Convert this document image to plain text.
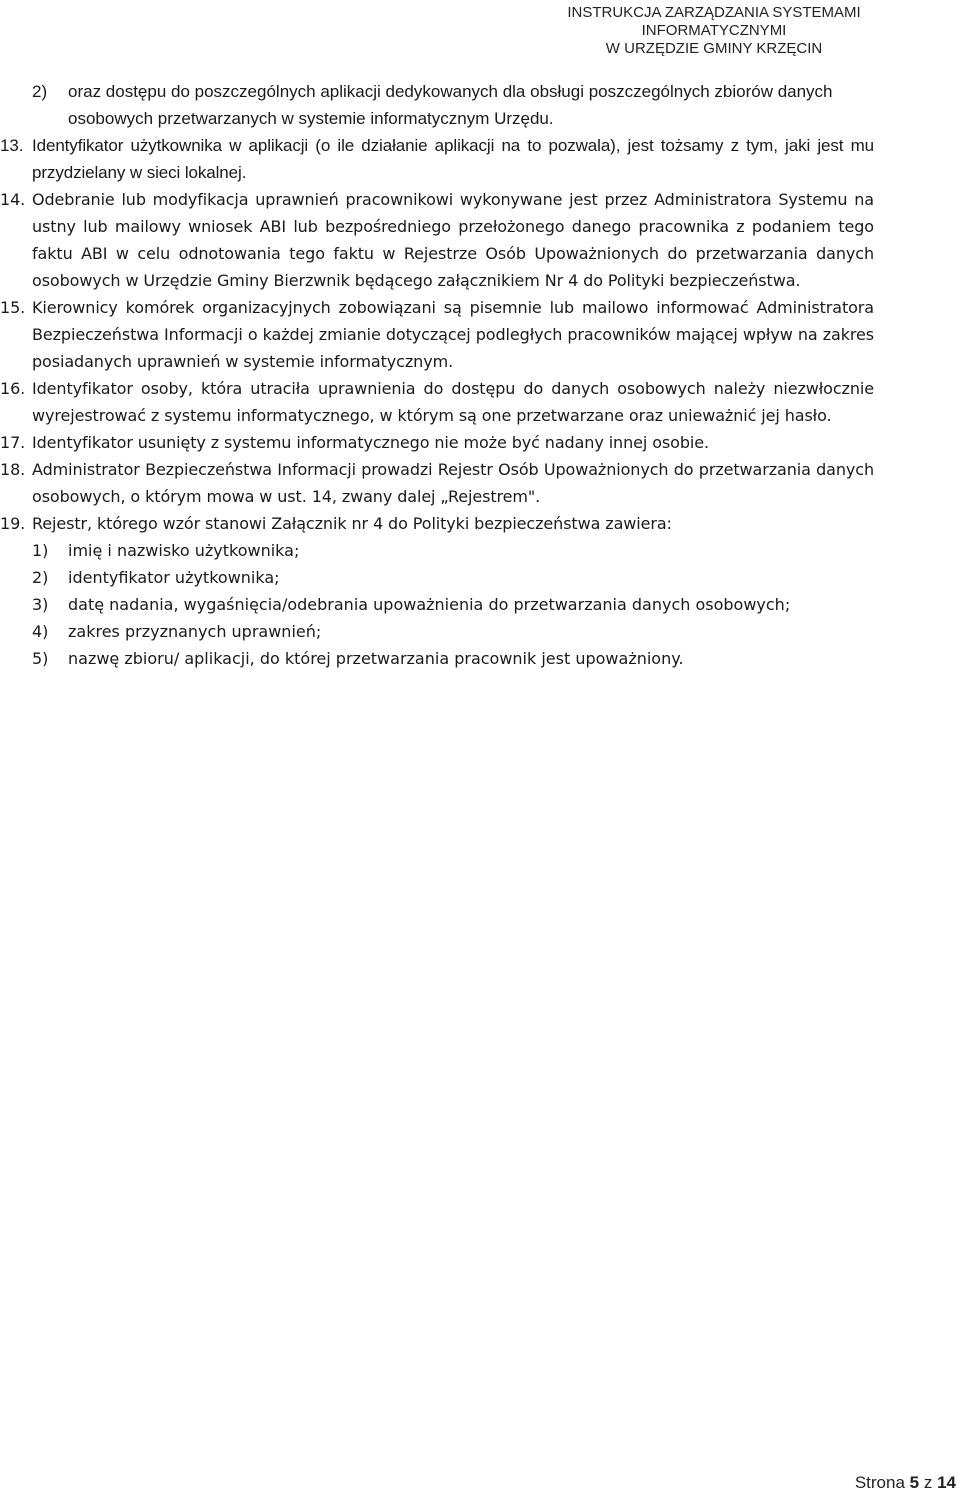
INSTRUKCJA ZARZĄDZANIA SYSTEMAMI
INFORMATYCZNYMI
W URZĘDZIE GMINY KRZĘCIN
2) oraz dostępu do poszczególnych aplikacji dedykowanych dla obsługi poszczególnych zbiorów danych osobowych przetwarzanych w systemie informatycznym Urzędu.
13. Identyfikator użytkownika w aplikacji (o ile działanie aplikacji na to pozwala), jest tożsamy z tym, jaki jest mu przydzielany w sieci lokalnej.
14. Odebranie lub modyfikacja uprawnień pracownikowi wykonywane jest przez Administratora Systemu na ustny lub mailowy wniosek ABI lub bezpośredniego przełożonego danego pracownika z podaniem tego faktu ABI w celu odnotowania tego faktu w Rejestrze Osób Upoważnionych do przetwarzania danych osobowych w Urzędzie Gminy Bierzwnik będącego załącznikiem Nr 4 do Polityki bezpieczeństwa.
15. Kierownicy komórek organizacyjnych zobowiązani są pisemnie lub mailowo informować Administratora Bezpieczeństwa Informacji o każdej zmianie dotyczącej podległych pracowników mającej wpływ na zakres posiadanych uprawnień w systemie informatycznym.
16. Identyfikator osoby, która utraciła uprawnienia do dostępu do danych osobowych należy niezwłocznie wyrejestrować z systemu informatycznego, w którym są one przetwarzane oraz unieważnić jej hasło.
17. Identyfikator usunięty z systemu informatycznego nie może być nadany innej osobie.
18. Administrator Bezpieczeństwa Informacji prowadzi Rejestr Osób Upoważnionych do przetwarzania danych osobowych, o którym mowa w ust. 14, zwany dalej „Rejestrem".
19. Rejestr, którego wzór stanowi Załącznik nr 4 do Polityki bezpieczeństwa zawiera:
1) imię i nazwisko użytkownika;
2) identyfikator użytkownika;
3) datę nadania, wygaśnięcia/odebrania upoważnienia do przetwarzania danych osobowych;
4) zakres przyznanych uprawnień;
5) nazwę zbioru/ aplikacji, do której przetwarzania pracownik jest upoważniony.
Strona 5 z 14
